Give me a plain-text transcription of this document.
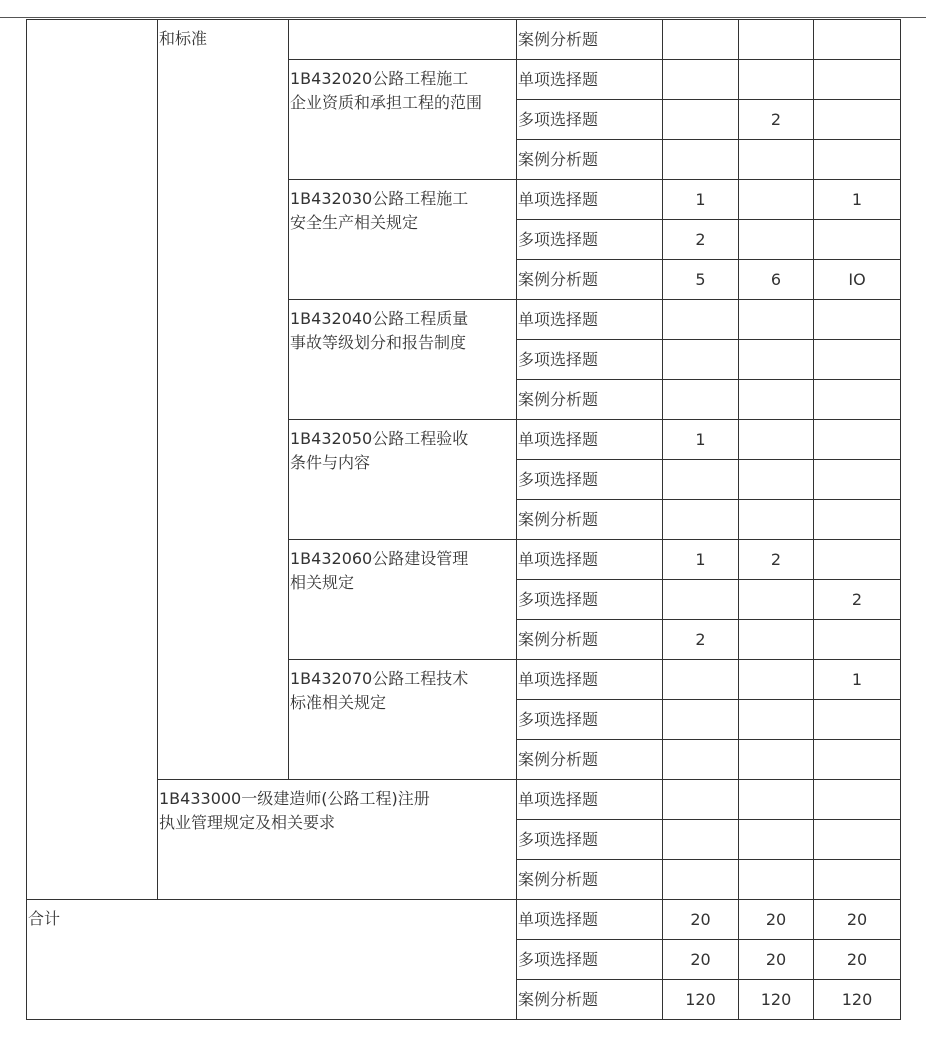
	和标准		案例分析题			

		1B432020公路工程施工
企业资质和承担工程的范围	单项选择题			
			多项选择题		2	
			案例分析题			

		1B432030公路工程施工
安全生产相关规定	单项选择题	1		1
			多项选择题	2		
			案例分析题	5	6	IO

		1B432040公路工程质量
事故等级划分和报告制度	单项选择题			
			多项选择题			
			案例分析题			

		1B432050公路工程验收
条件与内容	单项选择题	1		
			多项选择题			
			案例分析题			

		1B432060公路建设管理
相关规定	单项选择题	1	2	
			多项选择题			2
			案例分析题	2		

		1B432070公路工程技术
标准相关规定	单项选择题			1
			多项选择题			
			案例分析题			

	1B433000一级建造师(公路工程)注册
执业管理规定及相关要求		单项选择题			
			多项选择题			
			案例分析题			
合计			单项选择题	20	20	20
			多项选择题	20	20	20
			案例分析题	120	120	120
